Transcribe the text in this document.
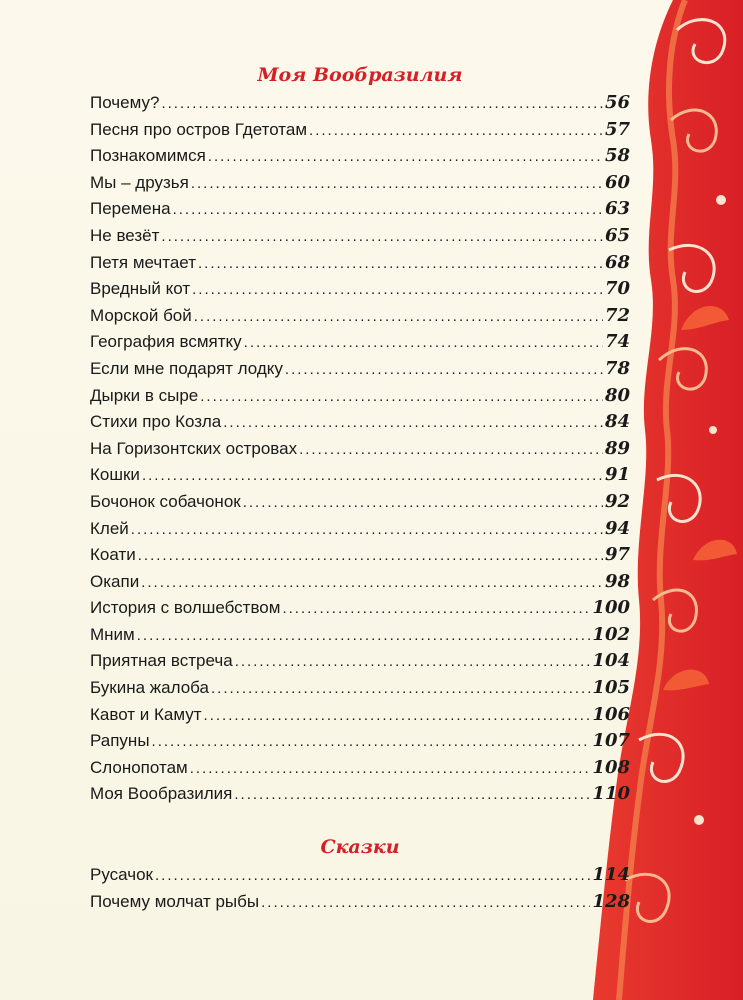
Моя Вообразилия
Почему? .....	56
Песня про остров Гдетотам .....	57
Познакомимся .....	58
Мы – друзья .....	60
Перемена .....	63
Не везёт .....	65
Петя мечтает .....	68
Вредный кот .....	70
Морской бой .....	72
География всмятку .....	74
Если мне подарят лодку .....	78
Дырки в сыре .....	80
Стихи про Козла .....	84
На Горизонтских островах .....	89
Кошки .....	91
Бочонок собачонок .....	92
Клей .....	94
Коати .....	97
Окапи .....	98
История с волшебством .....	100
Мним .....	102
Приятная встреча .....	104
Букина жалоба .....	105
Кавот и Камут .....	106
Рапуны .....	107
Слонопотам .....	108
Моя Вообразилия .....	110
Сказки
Русачок .....	114
Почему молчат рыбы .....	128
